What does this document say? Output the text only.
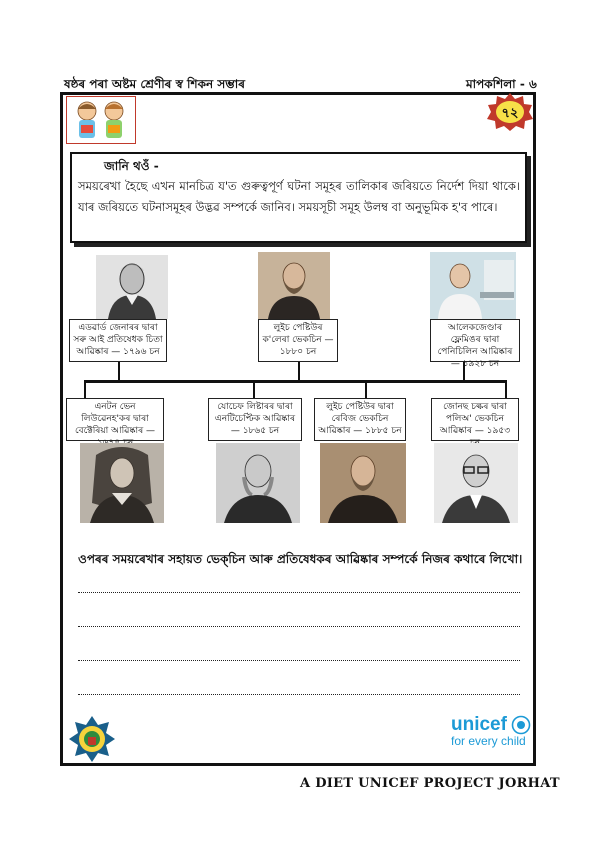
ষষ্ঠৰ পৰা অষ্টম শ্ৰেণীৰ স্ব শিকন সম্ভাৰ	মাপকশিলা - ৬
৭২
জানি থওঁ -
সময়ৰেখা হৈছে এখন মানচিত্ৰ য'ত গুৰুত্বপূৰ্ণ ঘটনা সমূহৰ তালিকাৰ জৰিয়তে নিৰ্দেশ দিয়া থাকে। যাৰ জৰিয়তে ঘটনাসমূহৰ উদ্ভৱ সম্পৰ্কে জানিব। সময়সূচী সমূহ উলম্ব বা অনুভূমিক হ'ব পাৰে।
এডৱাৰ্ড জেনাৰৰ দ্বাৰা সৰু আই প্ৰতিষেধক চিতা আৱিষ্কাৰ — ১৭৯৬ চন
লুইচ পেষ্টিউৰ ক'লেৰা ভেকচিন — ১৮৮০ চন
আলেকজেণ্ডাৰ ফ্লেমিঙৰ দ্বাৰা পেনিচিলিন আৱিষ্কাৰ — ১৯২৮ চন
এনটন ভেন লিউৱেনহ'কৰ দ্বাৰা বেক্টেৰিয়া আৱিষ্কাৰ —
যোচেফ লিষ্টাৰৰ দ্বাৰা এনটিচেপ্টিক আৱিষ্কাৰ — ১৮৬৫ চন
লুইচ পেষ্টিউৰ দ্বাৰা ৰেবিজ ভেকচিন আৱিষ্কাৰ — ১৮৮৫ চন
জোনছ চল্কৰ দ্বাৰা পলিঅ' ভেকচিন আৱিষ্কাৰ — ১৯৫৩
ওপৰৰ সময়ৰেখাৰ সহায়ত ভেক্‌চিন আৰু প্ৰতিষেধকৰ আৱিষ্কাৰ সম্পৰ্কে নিজৰ কথাৰে লিখো।
unicef
for every child
A DIET UNICEF PROJECT JORHAT
